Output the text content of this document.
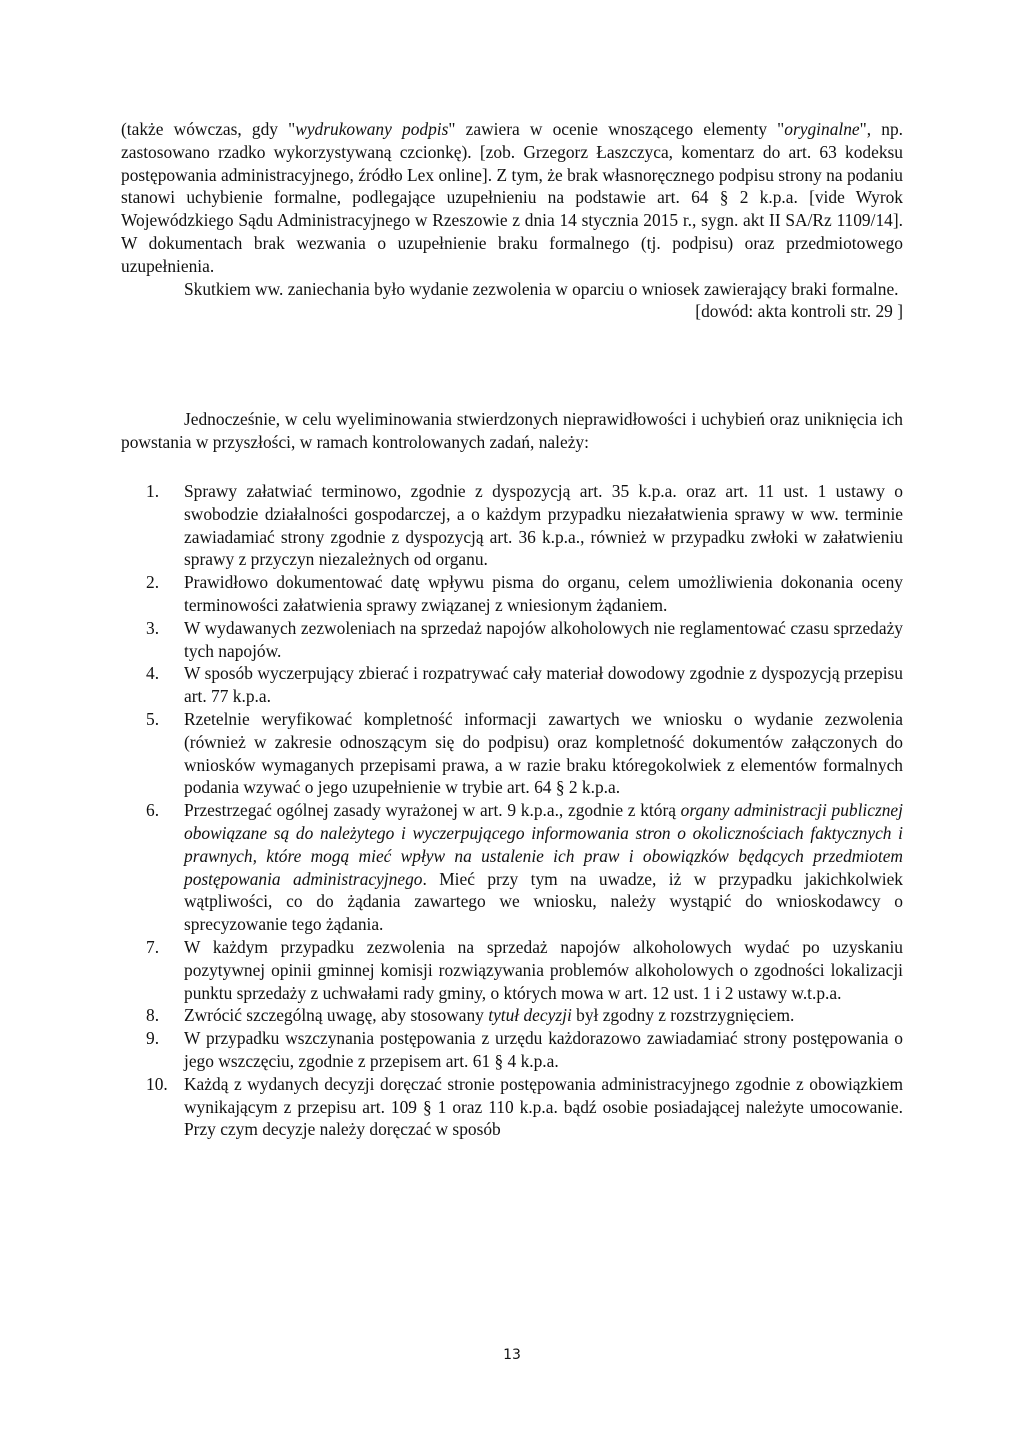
(także wówczas, gdy "wydrukowany podpis" zawiera w ocenie wnoszącego elementy "oryginalne", np. zastosowano rzadko wykorzystywaną czcionkę). [zob. Grzegorz Łaszczyca, komentarz do art. 63 kodeksu postępowania administracyjnego, źródło Lex online]. Z tym, że brak własnoręcznego podpisu strony na podaniu stanowi uchybienie formalne, podlegające uzupełnieniu na podstawie art. 64 § 2 k.p.a. [vide Wyrok Wojewódzkiego Sądu Administracyjnego w Rzeszowie z dnia 14 stycznia 2015 r., sygn. akt II SA/Rz 1109/14]. W dokumentach brak wezwania o uzupełnienie braku formalnego (tj. podpisu) oraz przedmiotowego uzupełnienia.

Skutkiem ww. zaniechania było wydanie zezwolenia w oparciu o wniosek zawierający braki formalne.

[dowód: akta kontroli str. 29 ]

Jednocześnie, w celu wyeliminowania stwierdzonych nieprawidłowości i uchybień oraz uniknięcia ich powstania w przyszłości, w ramach kontrolowanych zadań, należy:

1.	Sprawy załatwiać terminowo, zgodnie z dyspozycją art. 35 k.p.a. oraz art. 11 ust. 1 ustawy o swobodzie działalności gospodarczej, a o każdym przypadku niezałatwienia sprawy w ww. terminie zawiadamiać strony zgodnie z dyspozycją art. 36 k.p.a., również w przypadku zwłoki w załatwieniu sprawy z przyczyn niezależnych od organu.
2.	Prawidłowo dokumentować datę wpływu pisma do organu, celem umożliwienia dokonania oceny terminowości załatwienia sprawy związanej z wniesionym żądaniem.
3.	W wydawanych zezwoleniach na sprzedaż napojów alkoholowych nie reglamentować czasu sprzedaży tych napojów.
4.	W sposób wyczerpujący zbierać i rozpatrywać cały materiał dowodowy zgodnie z dyspozycją przepisu art. 77 k.p.a.
5.	Rzetelnie weryfikować kompletność informacji zawartych we wniosku o wydanie zezwolenia (również w zakresie odnoszącym się do podpisu) oraz kompletność dokumentów załączonych do wniosków wymaganych przepisami prawa, a w razie braku któregokolwiek z elementów formalnych podania wzywać o jego uzupełnienie w trybie art. 64 § 2 k.p.a.
6.	Przestrzegać ogólnej zasady wyrażonej w art. 9 k.p.a., zgodnie z którą organy administracji publicznej obowiązane są do należytego i wyczerpującego informowania stron o okolicznościach faktycznych i prawnych, które mogą mieć wpływ na ustalenie ich praw i obowiązków będących przedmiotem postępowania administracyjnego. Mieć przy tym na uwadze, iż w przypadku jakichkolwiek wątpliwości, co do żądania zawartego we wniosku, należy wystąpić do wnioskodawcy o sprecyzowanie tego żądania.
7.	W każdym przypadku zezwolenia na sprzedaż napojów alkoholowych wydać po uzyskaniu pozytywnej opinii gminnej komisji rozwiązywania problemów alkoholowych o zgodności lokalizacji punktu sprzedaży z uchwałami rady gminy, o których mowa w art. 12 ust. 1 i 2 ustawy w.t.p.a.
8.	Zwrócić szczególną uwagę, aby stosowany tytuł decyzji był zgodny z rozstrzygnięciem.
9.	W przypadku wszczynania postępowania z urzędu każdorazowo zawiadamiać strony postępowania o jego wszczęciu, zgodnie z przepisem art. 61 § 4 k.p.a.
10. Każdą z wydanych decyzji doręczać stronie postępowania administracyjnego zgodnie z obowiązkiem wynikającym z przepisu art. 109 § 1 oraz 110 k.p.a. bądź osobie posiadającej należyte umocowanie. Przy czym decyzje należy doręczać w sposób
13
